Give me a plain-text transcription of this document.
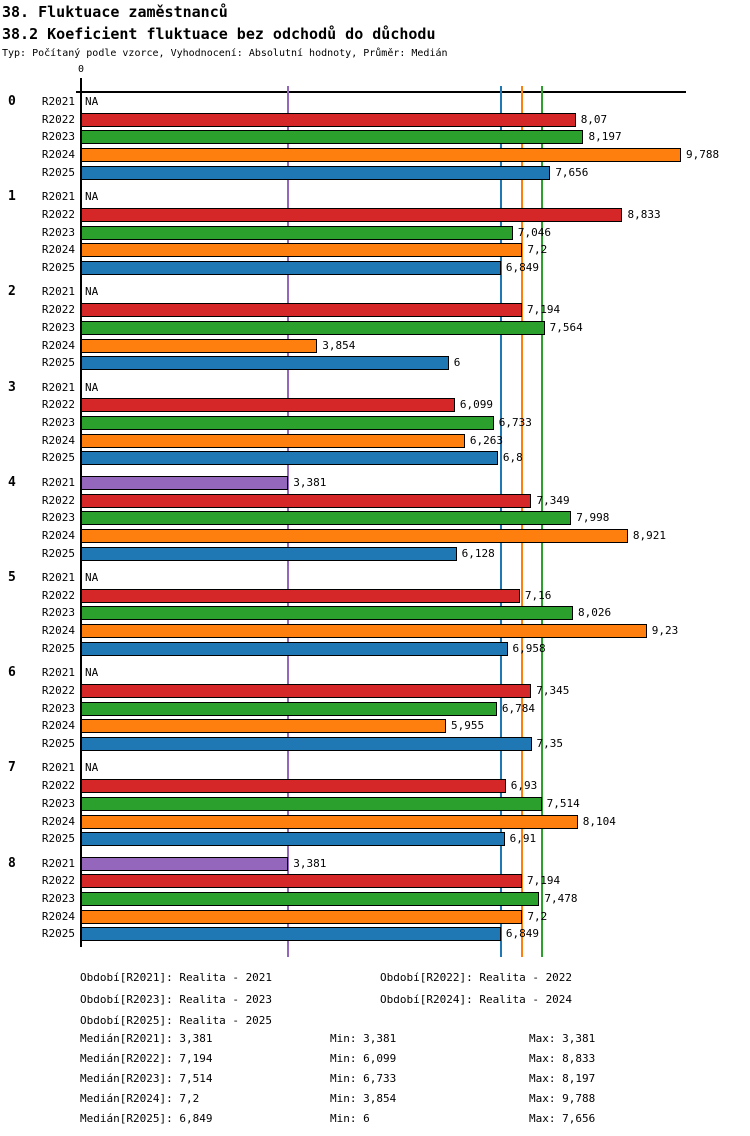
38. Fluktuace zaměstnanců
38.2 Koeficient fluktuace bez odchodů do důchodu
Typ: Počítaný podle vzorce, Vyhodnocení: Absolutní hodnoty, Průměr: Medián
0
0	R2021 NA
R2022	8,07
R2023	8,197
R2024	9,788
R2025	7,656
1	R2021 NA
R2022	8,833
R2023	7,046
R2024	7,2
R2025	6,849
2	R2021 NA
R2022	7,194
R2023	7,564
R2024	3,854
R2025	6
3	R2021 NA
R2022	6,099
R2023	6,733
R2024	6,263
R2025	6,8
4	R2021	3,381
R2022	7,349
R2023	7,998
R2024	8,921
R2025	6,128
5	R2021 NA
R2022	7,16
R2023	8,026
R2024	9,23
R2025	6,958
6	R2021 NA
R2022	7,345
R2023	6,784
R2024	5,955
R2025	7,35
7	R2021 NA
R2022	6,93
R2023	7,514
R2024	8,104
R2025	6,91
8	R2021	3,381
R2022	7,194
R2023	7,478
R2024	7,2
R2025	6,849
Období[R2021]: Realita - 2021	Období[R2022]: Realita - 2022
Období[R2023]: Realita - 2023	Období[R2024]: Realita - 2024
Období[R2025]: Realita - 2025
Medián[R2021]: 3,381	Min: 3,381	Max: 3,381
Medián[R2022]: 7,194	Min: 6,099	Max: 8,833
Medián[R2023]: 7,514	Min: 6,733	Max: 8,197
Medián[R2024]: 7,2	Min: 3,854	Max: 9,788
Medián[R2025]: 6,849	Min: 6	Max: 7,656
